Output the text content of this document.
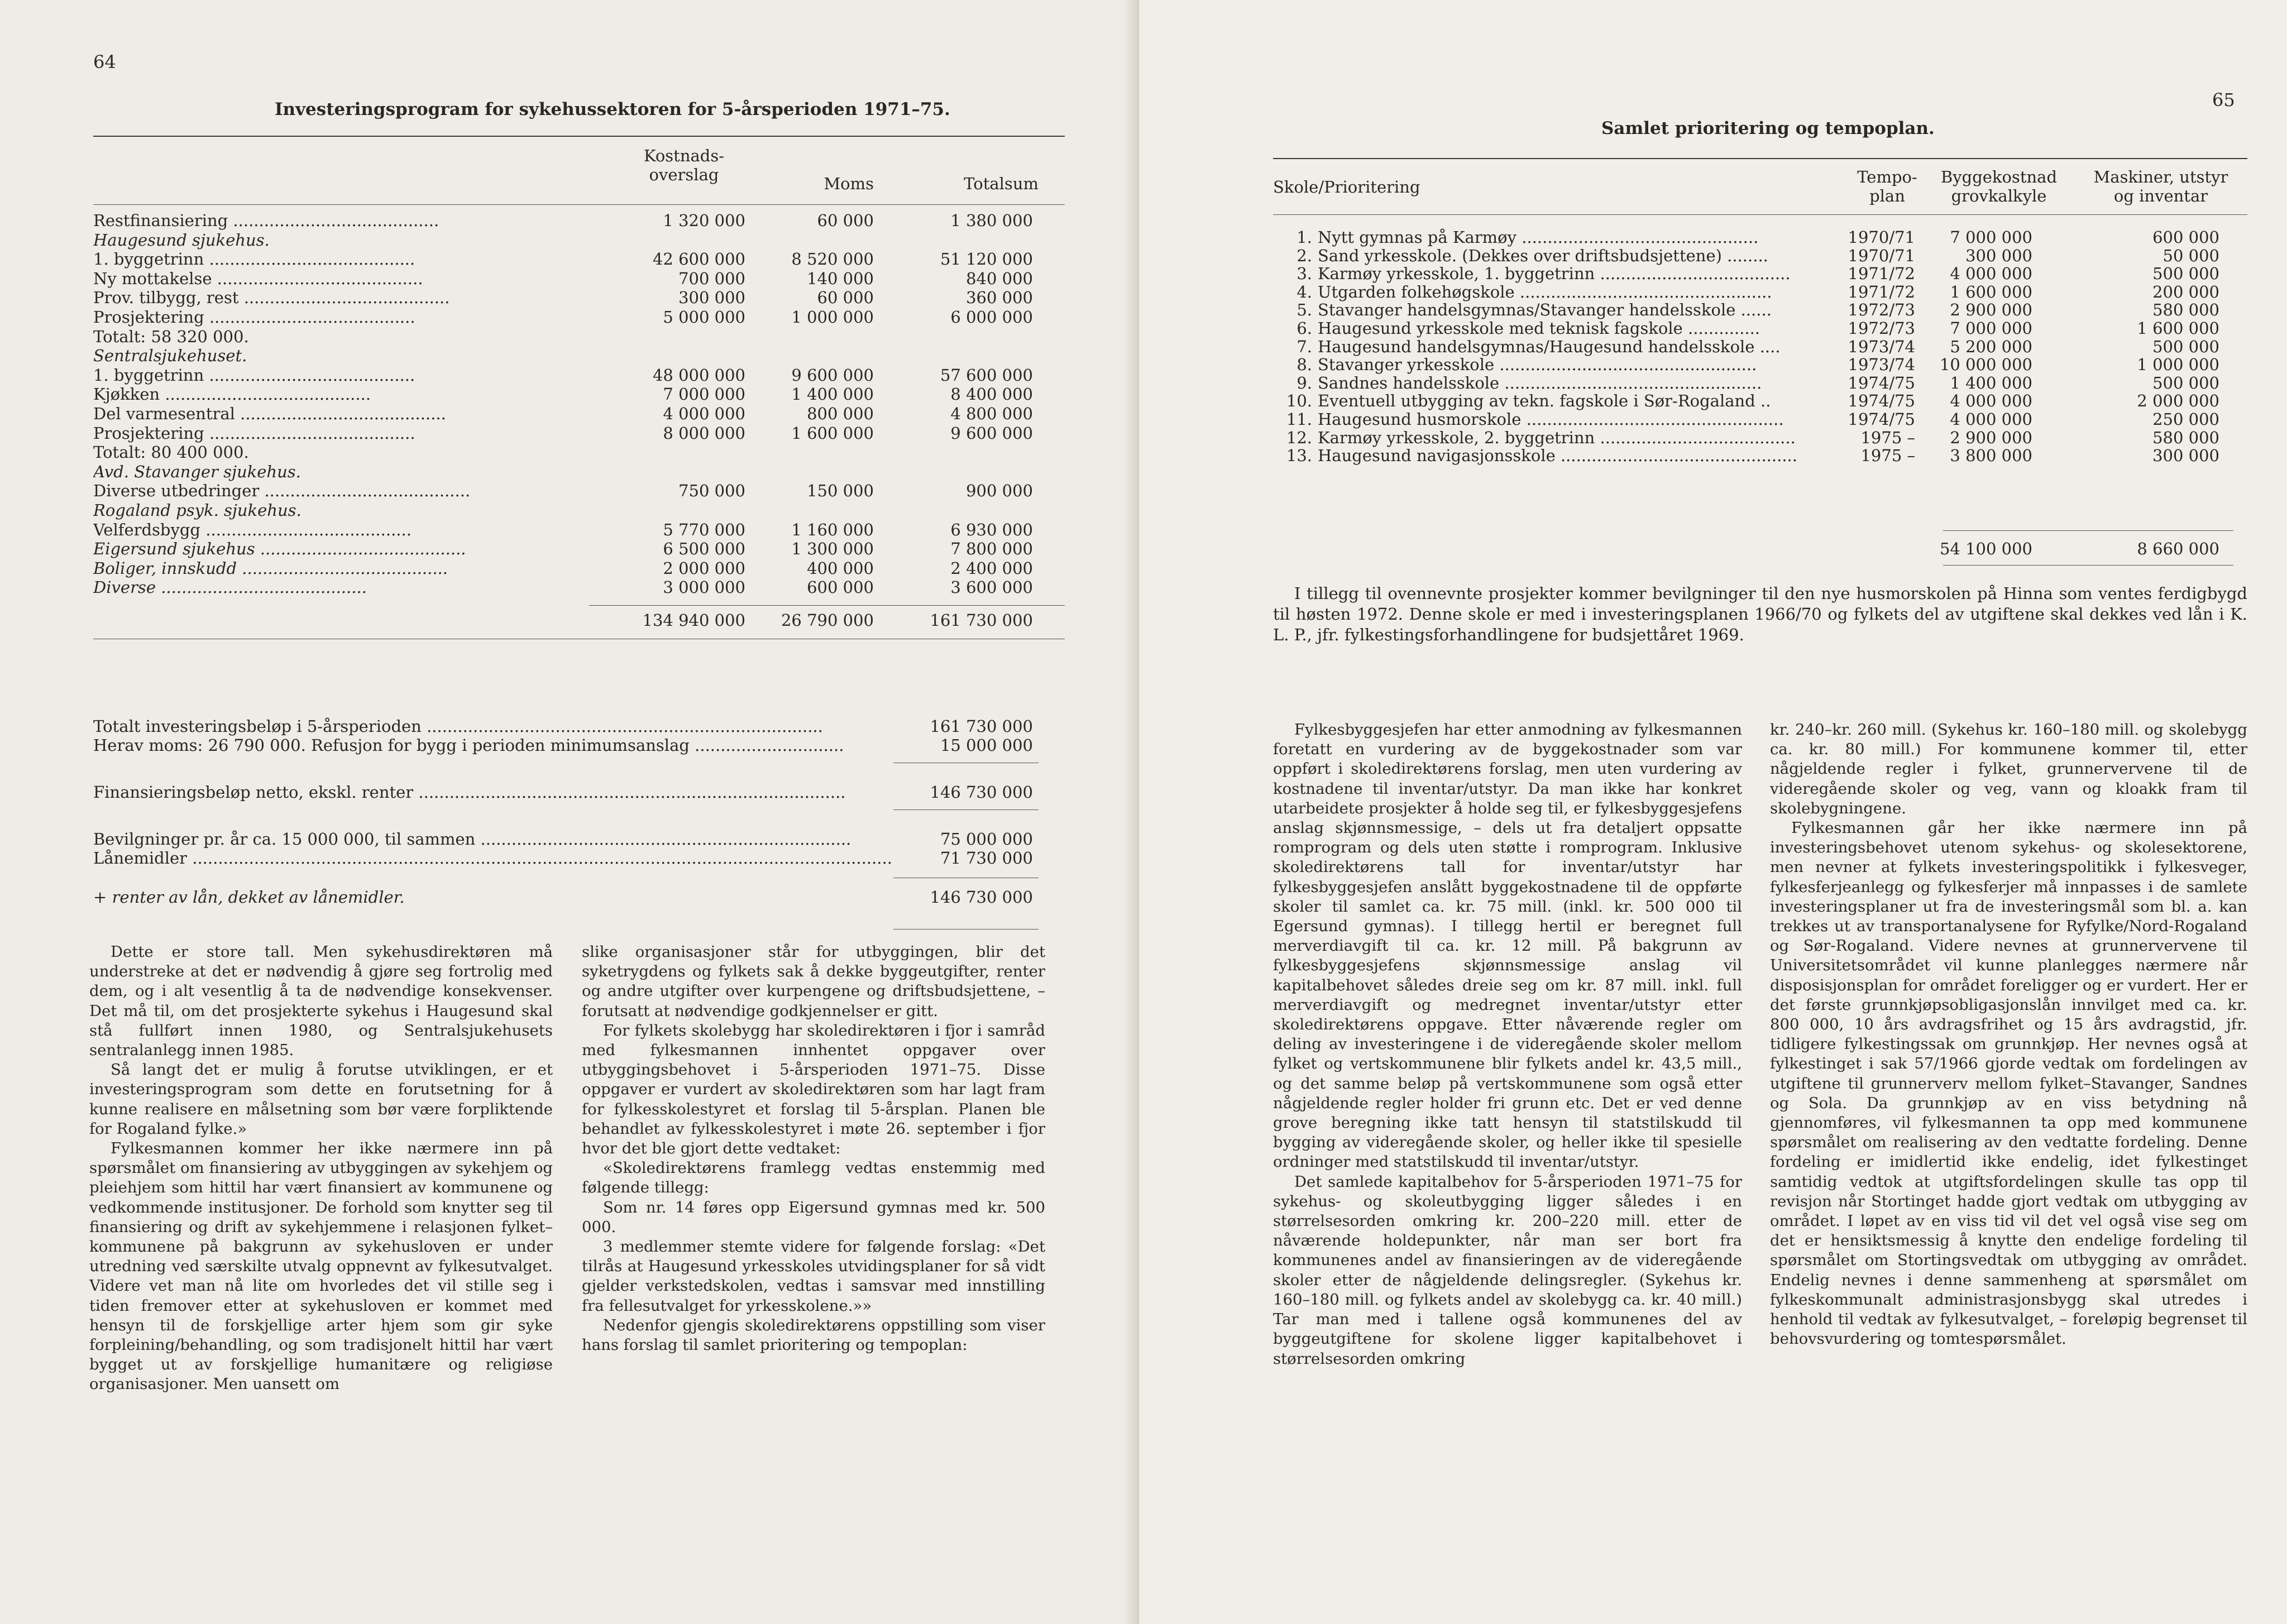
64
Investeringsprogram for sykehussektoren for 5-årsperioden 1971–75.
Kostnads-
overslag	Moms	Totalsum
Restfinansiering ........................................	1 320 000	60 000	1 380 000
Haugesund sjukehus.
1. byggetrinn ........................................	42 600 000	8 520 000	51 120 000
Ny mottakelse ........................................	700 000	140 000	840 000
Prov. tilbygg, rest ........................................	300 000	60 000	360 000
Prosjektering ........................................	5 000 000	1 000 000	6 000 000
Totalt: 58 320 000.
Sentralsjukehuset.
1. byggetrinn ........................................	48 000 000	9 600 000	57 600 000
Kjøkken ........................................	7 000 000	1 400 000	8 400 000
Del varmesentral ........................................	4 000 000	800 000	4 800 000
Prosjektering ........................................	8 000 000	1 600 000	9 600 000
Totalt: 80 400 000.
Avd. Stavanger sjukehus.
Diverse utbedringer ........................................	750 000	150 000	900 000
Rogaland psyk. sjukehus.
Velferdsbygg ........................................	5 770 000	1 160 000	6 930 000
Eigersund sjukehus ........................................	6 500 000	1 300 000	7 800 000
Boliger, innskudd ........................................	2 000 000	400 000	2 400 000
Diverse ........................................	3 000 000	600 000	3 600 000
134 940 000 26 790 000	161 730 000
Totalt investeringsbeløp i 5-årsperioden .............................................................................	161 730 000
Herav moms: 26 790 000. Refusjon for bygg i perioden minimumsanslag .............................	15 000 000
Finansieringsbeløp netto, ekskl. renter ...................................................................................	146 730 000
Bevilgninger pr. år ca. 15 000 000, til sammen ........................................................................	75 000 000
Lånemidler ........................................................................................................................................	71 730 000
+ renter av lån, dekket av lånemidler.	146 730 000

Dette er store tall. Men sykehusdirektøren må understreke at det er nødvendig å gjøre seg fortrolig med dem, og i alt vesentlig å ta de nødvendige konsekvenser. Det må til, om det prosjekterte sykehus i Haugesund skal stå fullført innen 1980, og Sentralsjukehusets sentralanlegg innen 1985.

Så langt det er mulig å forutse utviklingen, er et investeringsprogram som dette en forutsetning for å kunne realisere en målsetning som bør være forpliktende for Rogaland fylke.»

Fylkesmannen kommer her ikke nærmere inn på spørsmålet om finansiering av utbyggingen av sykehjem og pleiehjem som hittil har vært finansiert av kommunene og vedkommende institusjoner. De forhold som knytter seg til finansiering og drift av sykehjemmene i relasjonen fylket–kommunene på bakgrunn av sykehusloven er under utredning ved særskilte utvalg oppnevnt av fylkesutvalget. Videre vet man nå lite om hvorledes det vil stille seg i tiden fremover etter at sykehusloven er kommet med hensyn til de forskjellige arter hjem som gir syke forpleining/behandling, og som tradisjonelt hittil har vært bygget ut av forskjellige humanitære og religiøse organisasjoner. Men uansett om

slike organisasjoner står for utbyggingen, blir det syketrygdens og fylkets sak å dekke byggeutgifter, renter og andre utgifter over kurpengene og driftsbudsjettene, – forutsatt at nødvendige godkjennelser er gitt.

For fylkets skolebygg har skoledirektøren i fjor i samråd med fylkesmannen innhentet oppgaver over utbyggingsbehovet i 5-årsperioden 1971–75. Disse oppgaver er vurdert av skoledirektøren som har lagt fram for fylkesskolestyret et forslag til 5-årsplan. Planen ble behandlet av fylkesskolestyret i møte 26. september i fjor hvor det ble gjort dette vedtaket:

«Skoledirektørens framlegg vedtas enstemmig med følgende tillegg:

Som nr. 14 føres opp Eigersund gymnas med kr. 500 000.

3 medlemmer stemte videre for følgende forslag: «Det tilrås at Haugesund yrkesskoles utvidingsplaner for så vidt gjelder verkstedskolen, vedtas i samsvar med innstilling fra fellesutvalget for yrkesskolene.»»

Nedenfor gjengis skoledirektørens oppstilling som viser hans forslag til samlet prioritering og tempoplan:

65
Samlet prioritering og tempoplan.
Skole/Prioritering
Tempo-
plan
Byggekostnad
grovkalkyle
Maskiner, utstyr
og inventar
1. Nytt gymnas på Karmøy ..............................................	1970/71 7 000 000	600 000
2. Sand yrkesskole. (Dekkes over driftsbudsjettene) ........	1970/71	300 000	50 000
3. Karmøy yrkesskole, 1. byggetrinn .....................................	1971/72 4 000 000	500 000
4. Utgarden folkehøgskole .................................................	1971/72 1 600 000	200 000
5. Stavanger handelsgymnas/Stavanger handelsskole ......	1972/73 2 900 000	580 000
6. Haugesund yrkesskole med teknisk fagskole ..............	1972/73 7 000 000	1 600 000
7. Haugesund handelsgymnas/Haugesund handelsskole ....	1973/74 5 200 000	500 000
8. Stavanger yrkesskole ..................................................	1973/74 10 000 000	1 000 000
9. Sandnes handelsskole ..................................................	1974/75 1 400 000	500 000
10. Eventuell utbygging av tekn. fagskole i Sør-Rogaland ..	1974/75 4 000 000	2 000 000
11. Haugesund husmorskole ..................................................	1974/75 4 000 000	250 000
12. Karmøy yrkesskole, 2. byggetrinn ......................................	1975 – 2 900 000	580 000
13. Haugesund navigasjonsskole ..............................................	1975 – 3 800 000	300 000
54 100 000	8 660 000

I tillegg til ovennevnte prosjekter kommer bevilgninger til den nye husmorskolen på Hinna som ventes ferdigbygd til høsten 1972. Denne skole er med i investeringsplanen 1966/70 og fylkets del av utgiftene skal dekkes ved lån i K. L. P., jfr. fylkestingsforhandlingene for budsjettåret 1969.

Fylkesbyggesjefen har etter anmodning av fylkesmannen foretatt en vurdering av de byggekostnader som var oppført i skoledirektørens forslag, men uten vurdering av kostnadene til inventar/utstyr. Da man ikke har konkret utarbeidete prosjekter å holde seg til, er fylkesbyggesjefens anslag skjønnsmessige, – dels ut fra detaljert oppsatte romprogram og dels uten støtte i romprogram. Inklusive skoledirektørens tall for inventar/utstyr har fylkesbyggesjefen anslått byggekostnadene til de oppførte skoler til samlet ca. kr. 75 mill. (inkl. kr. 500 000 til Egersund gymnas). I tillegg hertil er beregnet full merverdiavgift til ca. kr. 12 mill. På bakgrunn av fylkesbyggesjefens skjønnsmessige anslag vil kapitalbehovet således dreie seg om kr. 87 mill. inkl. full merverdiavgift og medregnet inventar/utstyr etter skoledirektørens oppgave. Etter nåværende regler om deling av investeringene i de videregående skoler mellom fylket og vertskommunene blir fylkets andel kr. 43,5 mill., og det samme beløp på vertskommunene som også etter någjeldende regler holder fri grunn etc. Det er ved denne grove beregning ikke tatt hensyn til statstilskudd til bygging av videregående skoler, og heller ikke til spesielle ordninger med statstilskudd til inventar/utstyr.

Det samlede kapitalbehov for 5-årsperioden 1971–75 for sykehus- og skoleutbygging ligger således i en størrelsesorden omkring kr. 200–220 mill. etter de nåværende holdepunkter, når man ser bort fra kommunenes andel av finansieringen av de videregående skoler etter de någjeldende delingsregler. (Sykehus kr. 160–180 mill. og fylkets andel av skolebygg ca. kr. 40 mill.) Tar man med i tallene også kommunenes del av byggeutgiftene for skolene ligger kapitalbehovet i størrelsesorden omkring

kr. 240–kr. 260 mill. (Sykehus kr. 160–180 mill. og skolebygg ca. kr. 80 mill.) For kommunene kommer til, etter någjeldende regler i fylket, grunnervervene til de videregående skoler og veg, vann og kloakk fram til skolebygningene.

Fylkesmannen går her ikke nærmere inn på investeringsbehovet utenom sykehus- og skolesektorene, men nevner at fylkets investeringspolitikk i fylkesveger, fylkesferjeanlegg og fylkesferjer må innpasses i de samlete investeringsplaner ut fra de investeringsmål som bl. a. kan trekkes ut av transportanalysene for Ryfylke/Nord-Rogaland og Sør-Rogaland. Videre nevnes at grunnervervene til Universitetsområdet vil kunne planlegges nærmere når disposisjonsplan for området foreligger og er vurdert. Her er det første grunnkjøpsobligasjonslån innvilget med ca. kr. 800 000, 10 års avdragsfrihet og 15 års avdragstid, jfr. tidligere fylkestingssak om grunnkjøp. Her nevnes også at fylkestinget i sak 57/1966 gjorde vedtak om fordelingen av utgiftene til grunnerverv mellom fylket–Stavanger, Sandnes og Sola. Da grunnkjøp av en viss betydning nå gjennomføres, vil fylkesmannen ta opp med kommunene spørsmålet om realisering av den vedtatte fordeling. Denne fordeling er imidlertid ikke endelig, idet fylkestinget samtidig vedtok at utgiftsfordelingen skulle tas opp til revisjon når Stortinget hadde gjort vedtak om utbygging av området. I løpet av en viss tid vil det vel også vise seg om det er hensiktsmessig å knytte den endelige fordeling til spørsmålet om Stortingsvedtak om utbygging av området. Endelig nevnes i denne sammenheng at spørsmålet om fylkeskommunalt administrasjonsbygg skal utredes i henhold til vedtak av fylkesutvalget, – foreløpig begrenset til behovsvurdering og tomtespørsmålet.
